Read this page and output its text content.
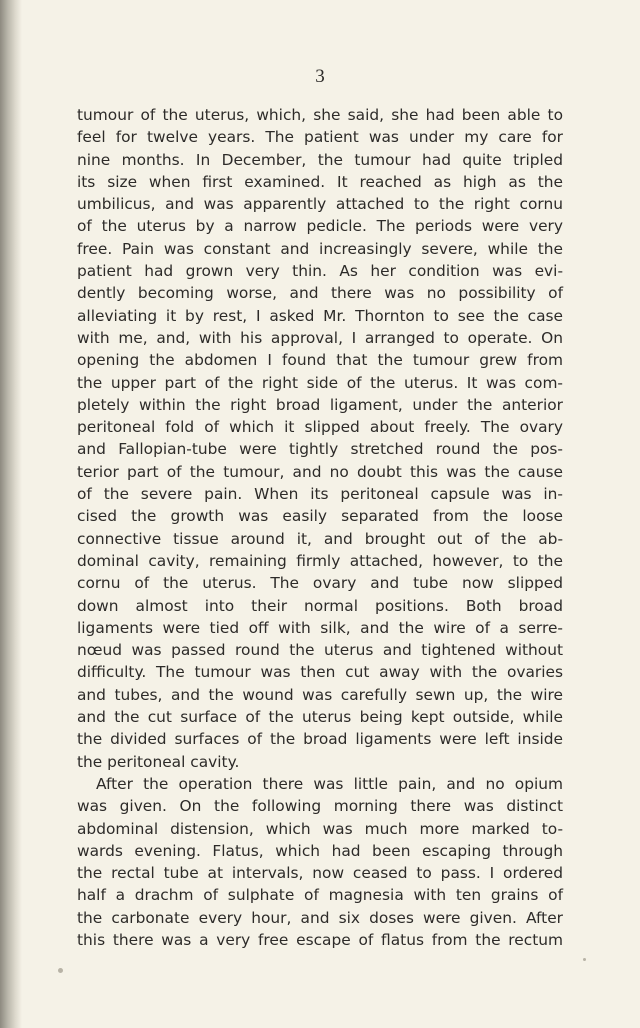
3
tumour of the uterus, which, she said, she had been able to
feel for twelve years. The patient was under my care for
nine months. In December, the tumour had quite tripled
its size when first examined. It reached as high as the
umbilicus, and was apparently attached to the right cornu
of the uterus by a narrow pedicle. The periods were very
free. Pain was constant and increasingly severe, while the
patient had grown very thin. As her condition was evi-
dently becoming worse, and there was no possibility of
alleviating it by rest, I asked Mr. Thornton to see the case
with me, and, with his approval, I arranged to operate. On
opening the abdomen I found that the tumour grew from
the upper part of the right side of the uterus. It was com-
pletely within the right broad ligament, under the anterior
peritoneal fold of which it slipped about freely. The ovary
and Fallopian-tube were tightly stretched round the pos-
terior part of the tumour, and no doubt this was the cause
of the severe pain. When its peritoneal capsule was in-
cised the growth was easily separated from the loose
connective tissue around it, and brought out of the ab-
dominal cavity, remaining firmly attached, however, to the
cornu of the uterus. The ovary and tube now slipped
down almost into their normal positions. Both broad
ligaments were tied off with silk, and the wire of a serre-
nœud was passed round the uterus and tightened without
difficulty. The tumour was then cut away with the ovaries
and tubes, and the wound was carefully sewn up, the wire
and the cut surface of the uterus being kept outside, while
the divided surfaces of the broad ligaments were left inside
the peritoneal cavity.
After the operation there was little pain, and no opium
was given. On the following morning there was distinct
abdominal distension, which was much more marked to-
wards evening. Flatus, which had been escaping through
the rectal tube at intervals, now ceased to pass. I ordered
half a drachm of sulphate of magnesia with ten grains of
the carbonate every hour, and six doses were given. After
this there was a very free escape of flatus from the rectum
